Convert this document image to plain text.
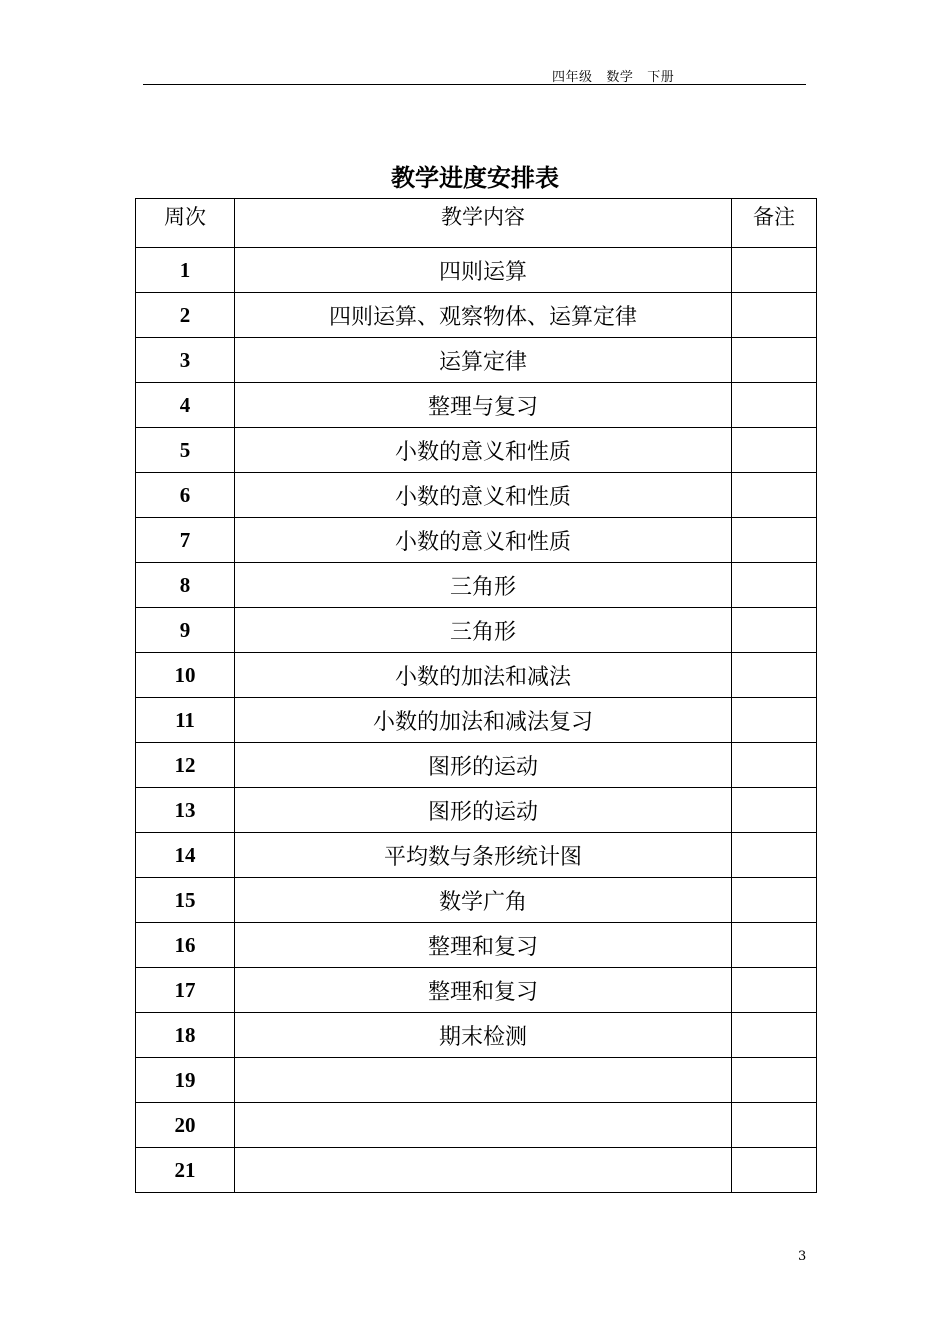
四年级   数学   下册
教学进度安排表
周次	教学内容	备注
1	四则运算	
2	四则运算、观察物体、运算定律	
3	运算定律	
4	整理与复习	
5	小数的意义和性质	
6	小数的意义和性质	
7	小数的意义和性质	
8	三角形	
9	三角形	
10	小数的加法和减法	
11	小数的加法和减法复习	
12	图形的运动	
13	图形的运动	
14	平均数与条形统计图	
15	数学广角	
16	整理和复习	
17	整理和复习	
18	期末检测	
19		
20		
21		
3
